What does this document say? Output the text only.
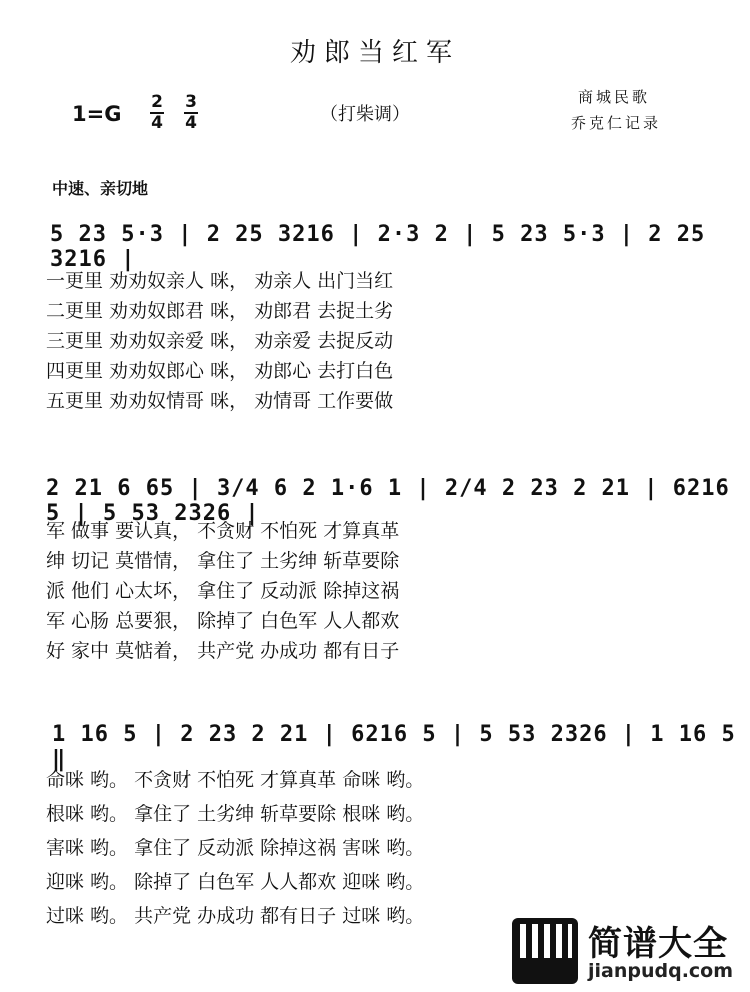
劝郎当红军
1=G 2
4
3
4	（打柴调）
商城民歌
乔克仁记录
中速、亲切地
5 23 5·3 | 2 25 3216 | 2·3 2 | 5 23 5·3 | 2 25 3216 |
一更里 劝劝奴亲人 咪， 劝亲人 出门当红
二更里 劝劝奴郎君 咪， 劝郎君 去捉土劣
三更里 劝劝奴亲爱 咪， 劝亲爱 去捉反动
四更里 劝劝奴郎心 咪， 劝郎心 去打白色
五更里 劝劝奴情哥 咪， 劝情哥 工作要做
2 21 6 65 | 3/4 6 2 1·6 1 | 2/4 2 23 2 21 | 6216 5 | 5 53 2326 |
军 做事 要认真， 不贪财 不怕死 才算真革
绅 切记 莫惜情， 拿住了 土劣绅 斩草要除
派 他们 心太坏， 拿住了 反动派 除掉这祸
军 心肠 总要狠， 除掉了 白色军 人人都欢
好 家中 莫惦着， 共产党 办成功 都有日子
1 16 5 | 2 23 2 21 | 6216 5 | 5 53 2326 | 1 16 5 ‖
命咪 哟。 不贪财 不怕死 才算真革 命咪 哟。
根咪 哟。 拿住了 土劣绅 斩草要除 根咪 哟。
害咪 哟。 拿住了 反动派 除掉这祸 害咪 哟。
迎咪 哟。 除掉了 白色军 人人都欢 迎咪 哟。
过咪 哟。 共产党 办成功 都有日子 过咪 哟。
简谱大全
jianpudq.com
